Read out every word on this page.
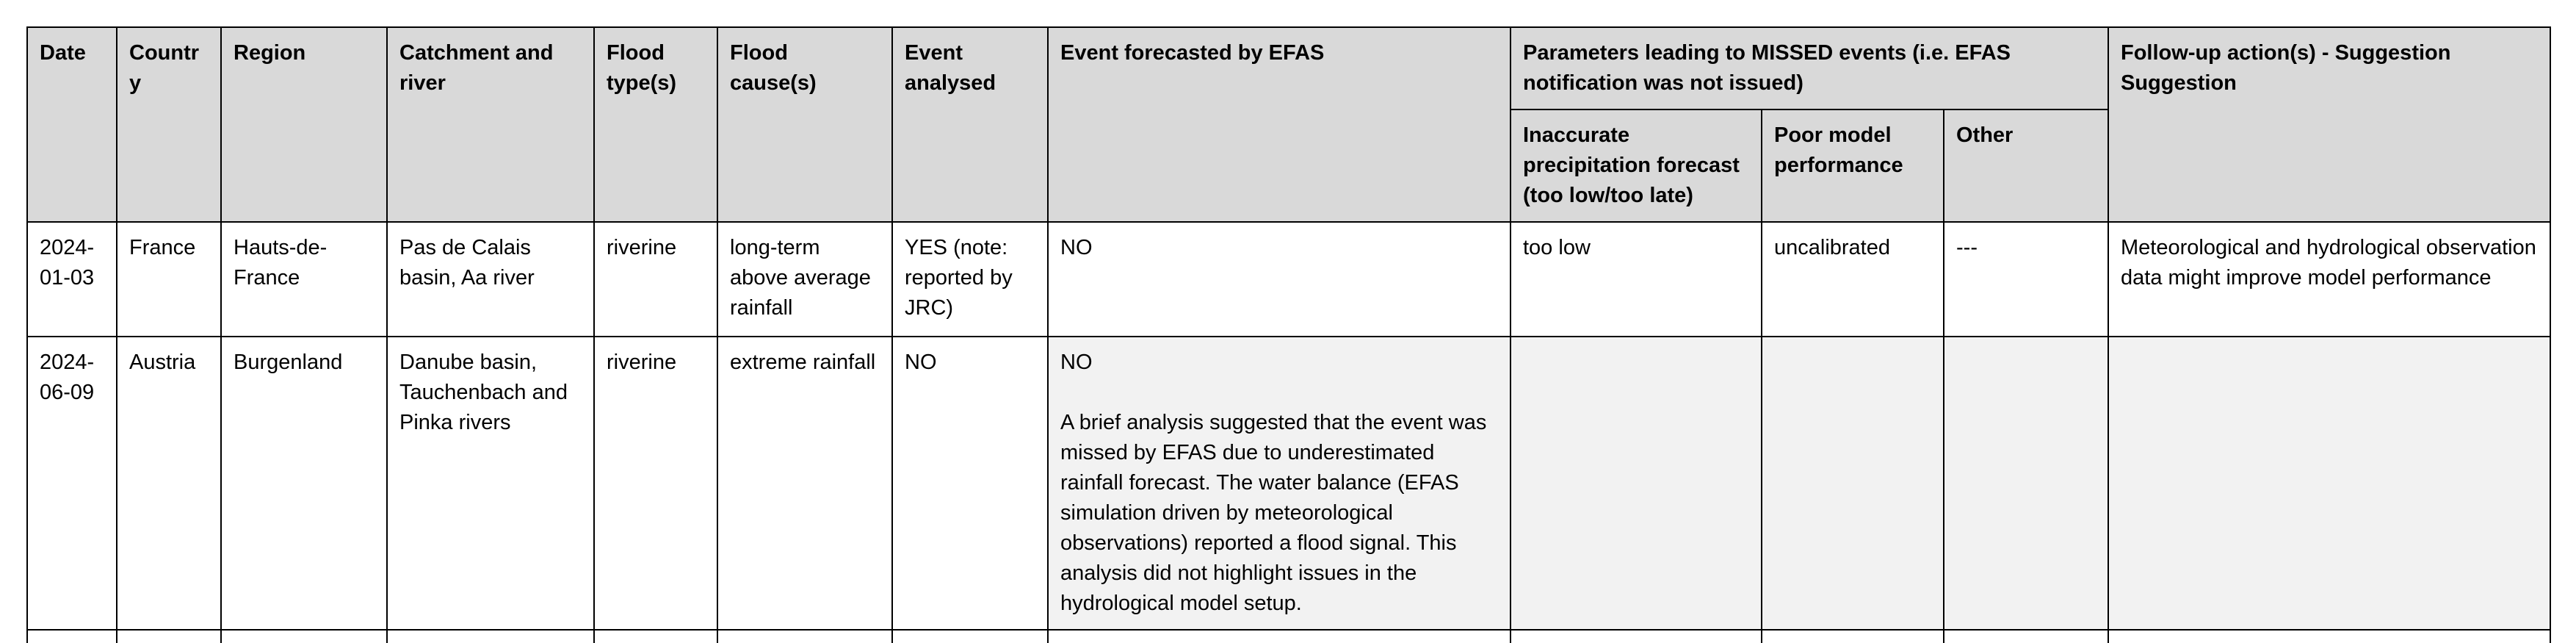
Date	Country	Region	Catchment and river	Flood type(s)	Flood cause(s)	Event analysed	Event forecasted by EFAS	Parameters leading to MISSED events (i.e. EFAS notification was not issued)			Follow-up action(s) - Suggestion Suggestion
								Inaccurate precipitation forecast (too low/too late)	Poor model performance	Other	
2024-01-03	France	Hauts-de-France	Pas de Calais basin, Aa river	riverine	long-term above average rainfall	YES (note: reported by JRC)	NO	too low	uncalibrated	---	Meteorological and hydrological observation data might improve model performance
2024-06-09	Austria	Burgenland	Danube basin, Tauchenbach and Pinka rivers	riverine	extreme rainfall	NO	NO
A brief analysis suggested that the event was missed by EFAS due to underestimated rainfall forecast. The water balance (EFAS simulation driven by meteorological observations) reported a flood signal. This analysis did not highlight issues in the hydrological model setup.				
